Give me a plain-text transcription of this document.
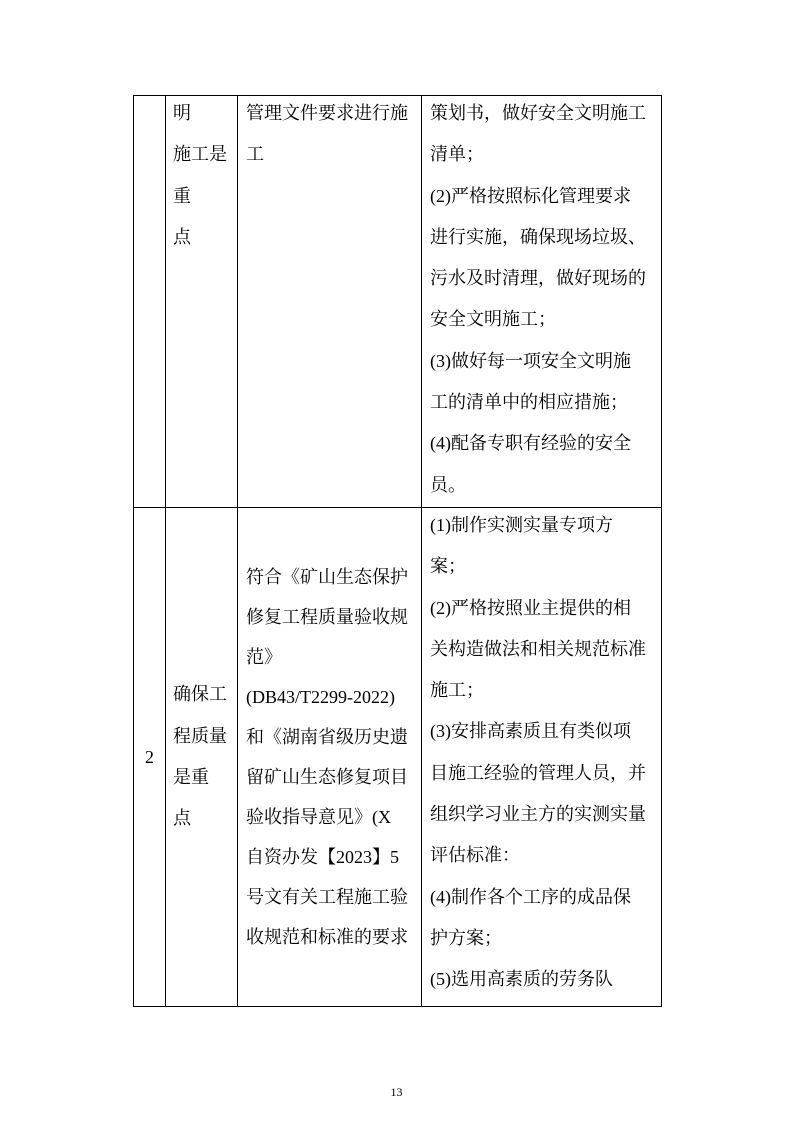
明
施工是
重
点
管理文件要求进行施
工
策划书，做好安全文明施工
清单；
(2)严格按照标化管理要求
进行实施，确保现场垃圾、
污水及时清理，做好现场的
安全文明施工；
(3)做好每一项安全文明施
工的清单中的相应措施；
(4)配备专职有经验的安全
员。
2
确保工
程质量
是重
点
符合《矿山生态保护
修复工程质量验收规
范》
(DB43/T2299-2022)
和《湖南省级历史遗
留矿山生态修复项目
验收指导意见》(X
自资办发【2023】5
号文有关工程施工验
收规范和标准的要求
(1)制作实测实量专项方
案；
(2)严格按照业主提供的相
关构造做法和相关规范标准
施工；
(3)安排高素质且有类似项
目施工经验的管理人员，并
组织学习业主方的实测实量
评估标准：
(4)制作各个工序的成品保
护方案；
(5)选用高素质的劳务队
13
